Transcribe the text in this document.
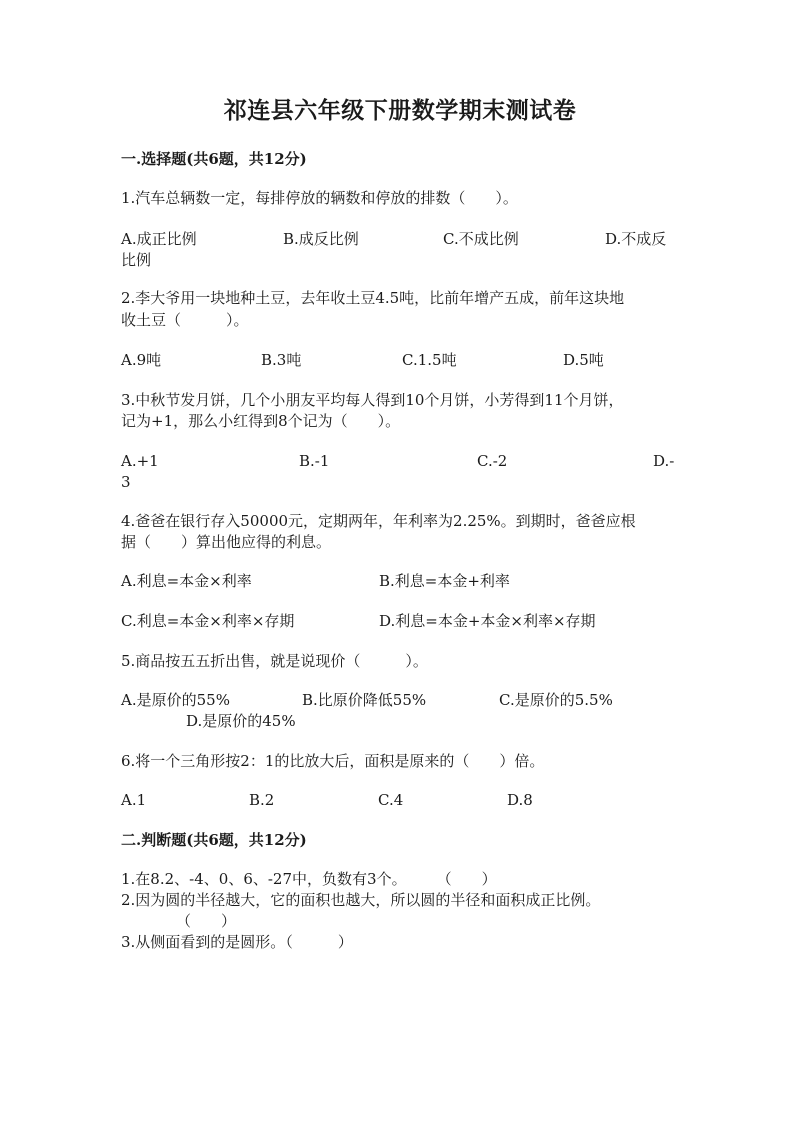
祁连县六年级下册数学期末测试卷
一.选择题(共6题，共12分)
1.汽车总辆数一定，每排停放的辆数和停放的排数（　　）。
A.成正比例	B.成反比例	C.不成比例	D.不成反
比例
2.李大爷用一块地种土豆，去年收土豆4.5吨，比前年增产五成，前年这块地
收土豆（　　　）。
A.9吨	B.3吨	C.1.5吨	D.5吨
3.中秋节发月饼，几个小朋友平均每人得到10个月饼，小芳得到11个月饼，
记为+1，那么小红得到8个记为（　　）。
A.+1	B.-1	C.-2	D.-
3
4.爸爸在银行存入50000元，定期两年，年利率为2.25%。到期时，爸爸应根
据（　　）算出他应得的利息。
A.利息=本金×利率	B.利息=本金+利率
C.利息=本金×利率×存期	D.利息=本金+本金×利率×存期
5.商品按五五折出售，就是说现价（　　　）。
A.是原价的55%	B.比原价降低55%	C.是原价的5.5%
D.是原价的45%
6.将一个三角形按2：1的比放大后，面积是原来的（　　）倍。
A.1	B.2	C.4	D.8
二.判断题(共6题，共12分)
1.在8.2、-4、0、6、-27中，负数有3个。　　　（　　）
2.因为圆的半径越大，它的面积也越大，所以圆的半径和面积成正比例。
（　　）
3.从侧面看到的是圆形。（　　　）
